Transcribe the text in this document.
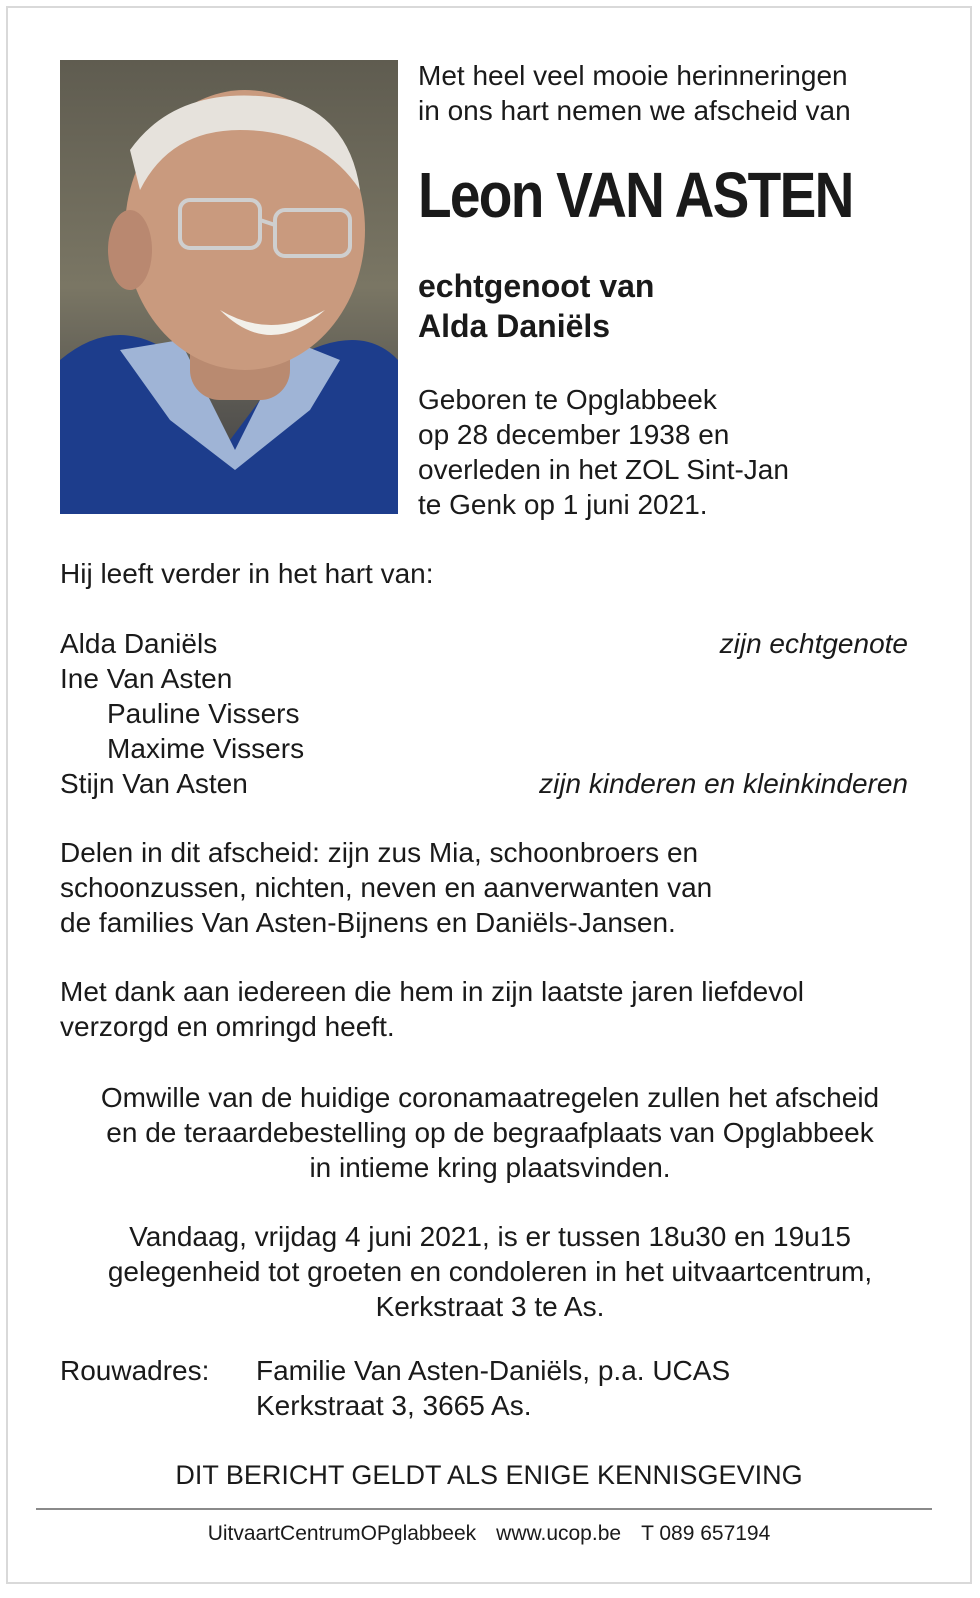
Met heel veel mooie herinneringen
in ons hart nemen we afscheid van
Leon VAN ASTEN
echtgenoot van
Alda Daniëls
Geboren te Opglabbeek
op 28 december 1938 en
overleden in het ZOL Sint-Jan
te Genk op 1 juni 2021.
Hij leeft verder in het hart van:
Alda Daniëls	zijn echtgenote
Ine Van Asten
Pauline Vissers
Maxime Vissers
Stijn Van Asten	zijn kinderen en kleinkinderen
Delen in dit afscheid: zijn zus Mia, schoonbroers en
schoonzussen, nichten, neven en aanverwanten van
de families Van Asten-Bijnens en Daniëls-Jansen.
Met dank aan iedereen die hem in zijn laatste jaren liefdevol
verzorgd en omringd heeft.
Omwille van de huidige coronamaatregelen zullen het afscheid
en de teraardebestelling op de begraafplaats van Opglabbeek
in intieme kring plaatsvinden.
Vandaag, vrijdag 4 juni 2021, is er tussen 18u30 en 19u15
gelegenheid tot groeten en condoleren in het uitvaartcentrum,
Kerkstraat 3 te As.
Rouwadres: Familie Van Asten-Daniëls, p.a. UCAS
Kerkstraat 3, 3665 As.
DIT BERICHT GELDT ALS ENIGE KENNISGEVING
UitvaartCentrumOPglabbeek www.ucop.be T 089 657194
